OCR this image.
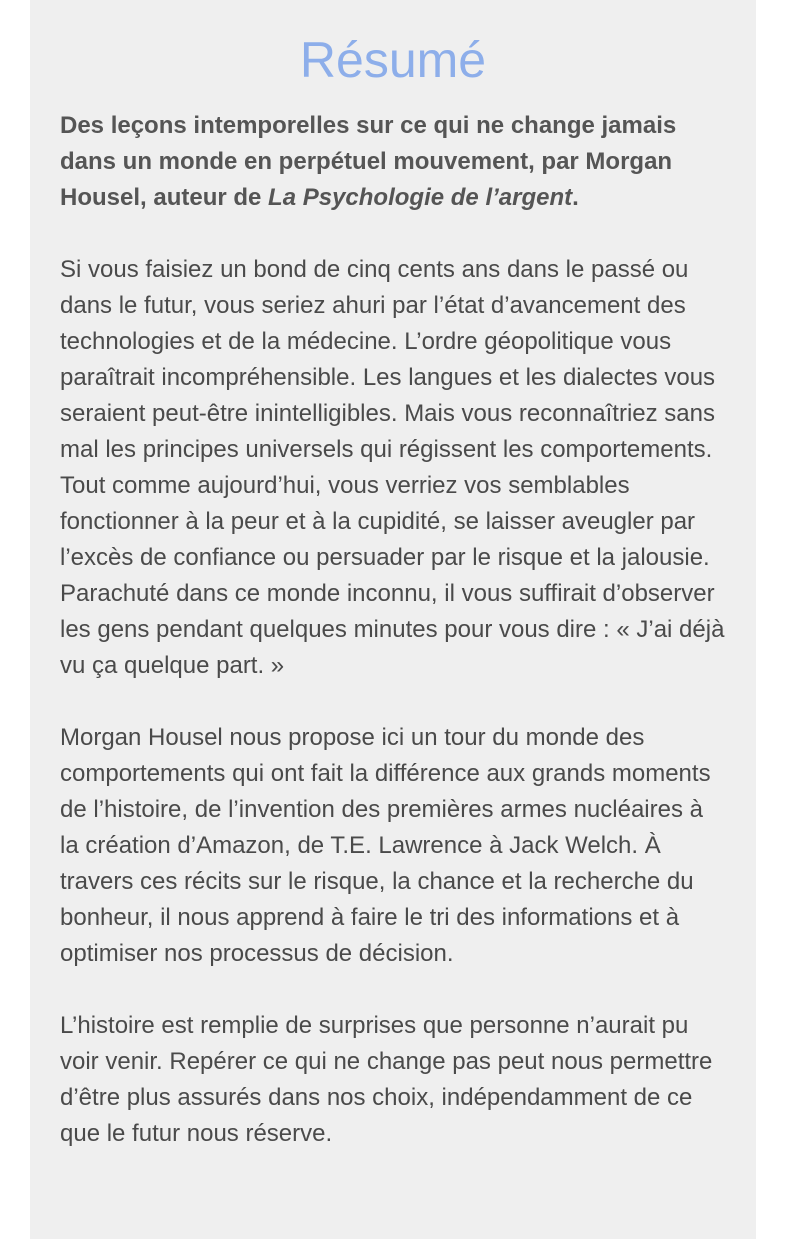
Résumé

Des leçons intemporelles sur ce qui ne change jamais dans un monde en perpétuel mouvement, par Morgan Housel, auteur de La Psychologie de l’argent.

Si vous faisiez un bond de cinq cents ans dans le passé ou dans le futur, vous seriez ahuri par l’état d’avancement des technologies et de la médecine. L’ordre géopolitique vous paraîtrait incompréhensible. Les langues et les dialectes vous seraient peut-être inintelligibles. Mais vous reconnaîtriez sans mal les principes universels qui régissent les comportements. Tout comme aujourd’hui, vous verriez vos semblables fonctionner à la peur et à la cupidité, se laisser aveugler par l’excès de confiance ou persuader par le risque et la jalousie. Parachuté dans ce monde inconnu, il vous suffirait d’observer les gens pendant quelques minutes pour vous dire : « J’ai déjà vu ça quelque part. »

Morgan Housel nous propose ici un tour du monde des comportements qui ont fait la différence aux grands moments de l’histoire, de l’invention des premières armes nucléaires à la création d’Amazon, de T.E. Lawrence à Jack Welch. À travers ces récits sur le risque, la chance et la recherche du bonheur, il nous apprend à faire le tri des informations et à optimiser nos processus de décision.

L’histoire est remplie de surprises que personne n’aurait pu voir venir. Repérer ce qui ne change pas peut nous permettre d’être plus assurés dans nos choix, indépendamment de ce que le futur nous réserve.
